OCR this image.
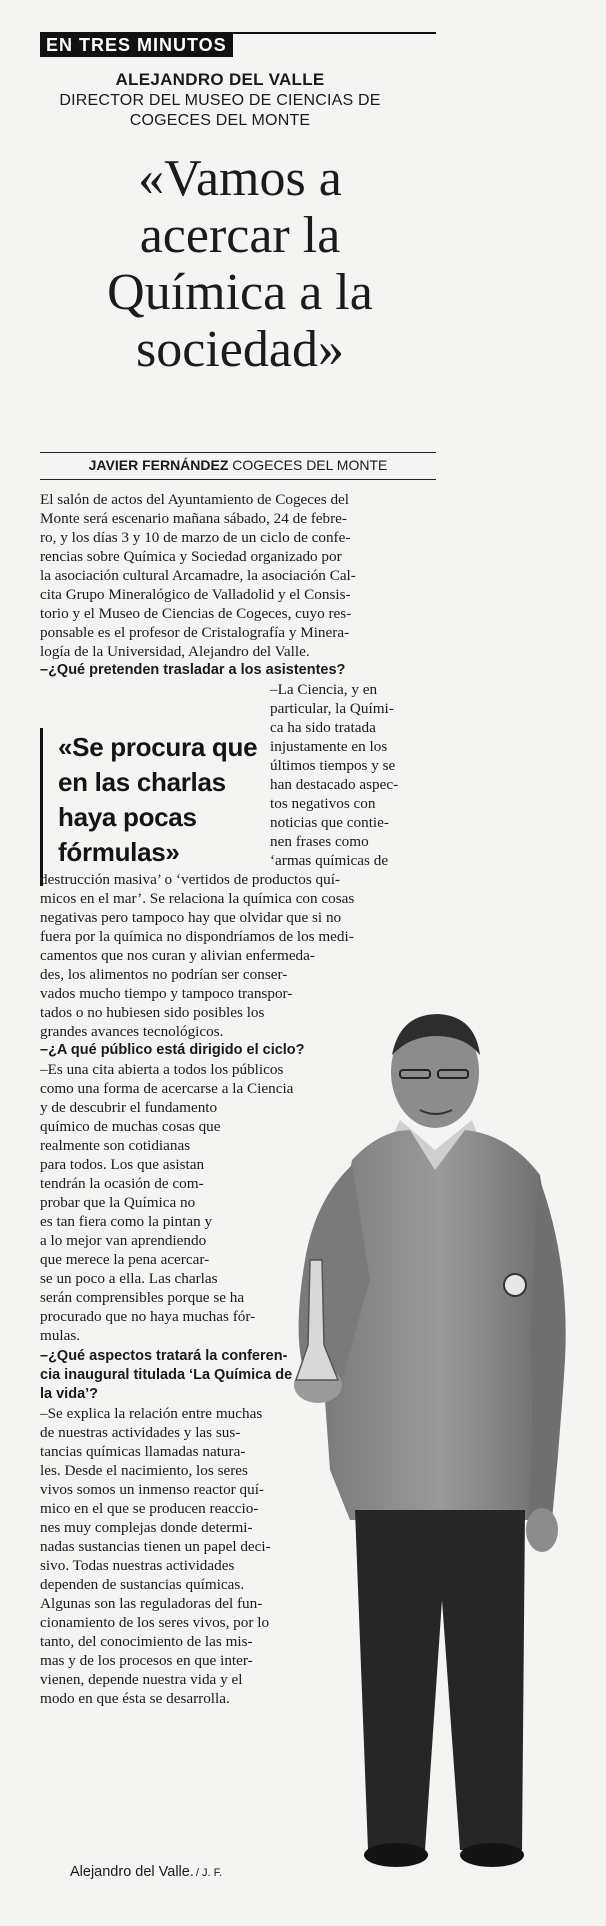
EN TRES MINUTOS
ALEJANDRO DEL VALLE
DIRECTOR DEL MUSEO DE CIENCIAS DE
COGECES DEL MONTE
«Vamos a
acercar la
Química a la
sociedad»
JAVIER FERNÁNDEZ COGECES DEL MONTE
El salón de actos del Ayuntamiento de Cogeces del
Monte será escenario mañana sábado, 24 de febre-
ro, y los días 3 y 10 de marzo de un ciclo de confe-
rencias sobre Química y Sociedad organizado por
la asociación cultural Arcamadre, la asociación Cal-
cita Grupo Mineralógico de Valladolid y el Consis-
torio y el Museo de Ciencias de Cogeces, cuyo res-
ponsable es el profesor de Cristalografía y Minera-
logía de la Universidad, Alejandro del Valle.
–¿Qué pretenden trasladar a los asistentes?
–La Ciencia, y en
particular, la Quími-
ca ha sido tratada
injustamente en los
últimos tiempos y se
han destacado aspec-
tos negativos con
noticias que contie-
nen frases como
‘armas químicas de
«Se procura que
en las charlas
haya pocas
fórmulas»
destrucción masiva’ o ‘vertidos de productos quí-
micos en el mar’. Se relaciona la química con cosas
negativas pero tampoco hay que olvidar que si no
fuera por la química no dispondríamos de los medi-
camentos que nos curan y alivian enfermeda-
des, los alimentos no podrían ser conser-
vados mucho tiempo y tampoco transpor-
tados o no hubiesen sido posibles los
grandes avances tecnológicos.
–¿A qué público está dirigido el ciclo?
–Es una cita abierta a todos los públicos
como una forma de acercarse a la Ciencia
y de descubrir el fundamento
químico de muchas cosas que
realmente son cotidianas
para todos. Los que asistan
tendrán la ocasión de com-
probar que la Química no
es tan fiera como la pintan y
a lo mejor van aprendiendo
que merece la pena acercar-
se un poco a ella. Las charlas
serán comprensibles porque se ha
procurado que no haya muchas fór-
mulas.
–¿Qué aspectos tratará la conferen-
cia inaugural titulada ‘La Química de
la vida’?
–Se explica la relación entre muchas
de nuestras actividades y las sus-
tancias químicas llamadas natura-
les. Desde el nacimiento, los seres
vivos somos un inmenso reactor quí-
mico en el que se producen reaccio-
nes muy complejas donde determi-
nadas sustancias tienen un papel deci-
sivo. Todas nuestras actividades
dependen de sustancias químicas.
Algunas son las reguladoras del fun-
cionamiento de los seres vivos, por lo
tanto, del conocimiento de las mis-
mas y de los procesos en que inter-
vienen, depende nuestra vida y el
modo en que ésta se desarrolla.
Alejandro del Valle. / J. F.
